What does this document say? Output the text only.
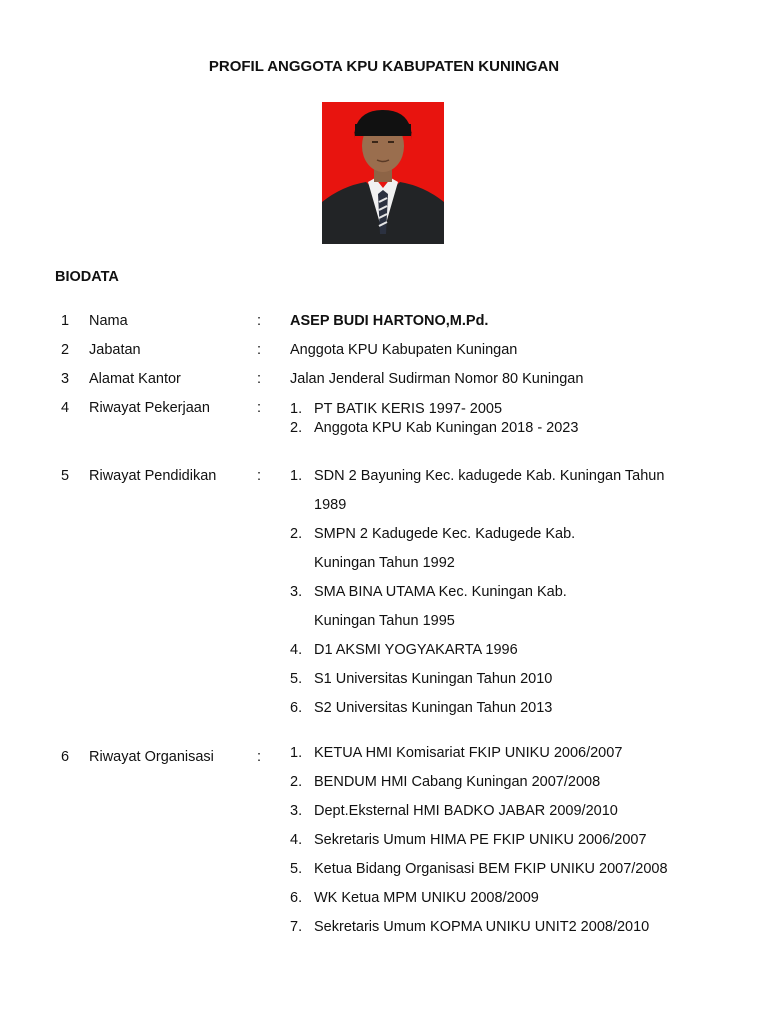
PROFIL ANGGOTA KPU KABUPATEN KUNINGAN
BIODATA
1 Nama	: ASEP BUDI HARTONO,M.Pd.
2 Jabatan	: Anggota KPU Kabupaten Kuningan
3 Alamat Kantor	: Jalan Jenderal Sudirman Nomor 80 Kuningan
4 Riwayat Pekerjaan	: 1. PT BATIK KERIS 1997- 2005
2. Anggota KPU Kab Kuningan 2018 - 2023
5 Riwayat Pendidikan	: 1. SDN 2 Bayuning Kec. kadugede Kab. Kuningan Tahun 1989
2. SMPN 2 Kadugede Kec. Kadugede Kab. Kuningan Tahun 1992
3. SMA BINA UTAMA Kec. Kuningan Kab. Kuningan Tahun 1995
4. D1 AKSMI YOGYAKARTA 1996
5. S1 Universitas Kuningan Tahun 2010
6. S2 Universitas Kuningan Tahun 2013
6 Riwayat Organisasi	: 1. KETUA HMI Komisariat FKIP UNIKU 2006/2007
2. BENDUM HMI Cabang Kuningan 2007/2008
3. Dept.Eksternal HMI BADKO JABAR 2009/2010
4. Sekretaris Umum HIMA PE FKIP UNIKU 2006/2007
5. Ketua Bidang Organisasi BEM FKIP UNIKU 2007/2008
6. WK Ketua MPM UNIKU 2008/2009
7. Sekretaris Umum KOPMA UNIKU UNIT2 2008/2010
